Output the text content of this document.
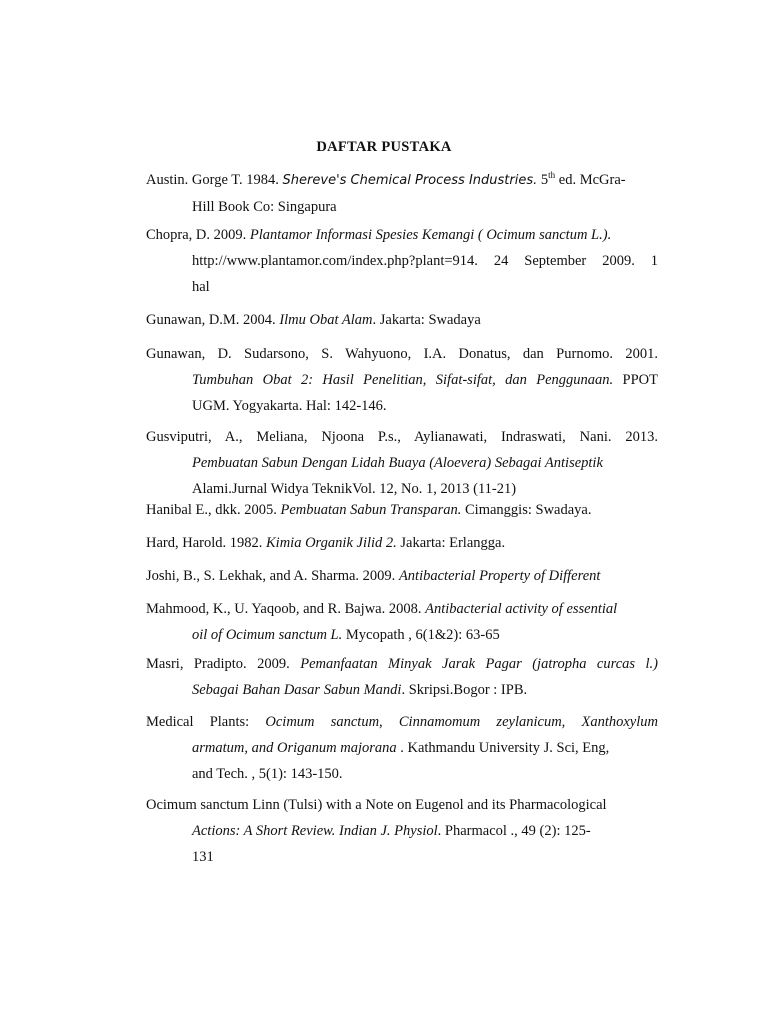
DAFTAR PUSTAKA
Austin. Gorge T. 1984. Shereve's Chemical Process Industries. 5th ed. McGra-
Hill Book Co: Singapura
Chopra, D. 2009. Plantamor Informasi Spesies Kemangi ( Ocimum sanctum L.).
http://www.plantamor.com/index.php?plant=914. 24 September 2009. 1
hal
Gunawan, D.M. 2004. Ilmu Obat Alam. Jakarta: Swadaya
Gunawan, D. Sudarsono, S. Wahyuono, I.A. Donatus, dan Purnomo. 2001.
Tumbuhan Obat 2: Hasil Penelitian, Sifat-sifat, dan Penggunaan. PPOT
UGM. Yogyakarta. Hal: 142-146.
Gusviputri, A., Meliana, Njoona P.s., Aylianawati, Indraswati, Nani. 2013.
Pembuatan Sabun Dengan Lidah Buaya (Aloevera) Sebagai Antiseptik
Alami.Jurnal Widya TeknikVol. 12, No. 1, 2013 (11-21)
Hanibal E., dkk. 2005. Pembuatan Sabun Transparan. Cimanggis: Swadaya.
Hard, Harold. 1982. Kimia Organik Jilid 2. Jakarta: Erlangga.
Joshi, B., S. Lekhak, and A. Sharma. 2009. Antibacterial Property of Different
Mahmood, K., U. Yaqoob, and R. Bajwa. 2008. Antibacterial activity of essential
oil of Ocimum sanctum L. Mycopath , 6(1&2): 63-65
Masri, Pradipto. 2009. Pemanfaatan Minyak Jarak Pagar (jatropha curcas l.)
Sebagai Bahan Dasar Sabun Mandi. Skripsi.Bogor : IPB.
Medical Plants: Ocimum sanctum, Cinnamomum zeylanicum, Xanthoxylum
armatum, and Origanum majorana . Kathmandu University J. Sci, Eng,
and Tech. , 5(1): 143-150.
Ocimum sanctum Linn (Tulsi) with a Note on Eugenol and its Pharmacological
Actions: A Short Review. Indian J. Physiol. Pharmacol ., 49 (2): 125-
131
